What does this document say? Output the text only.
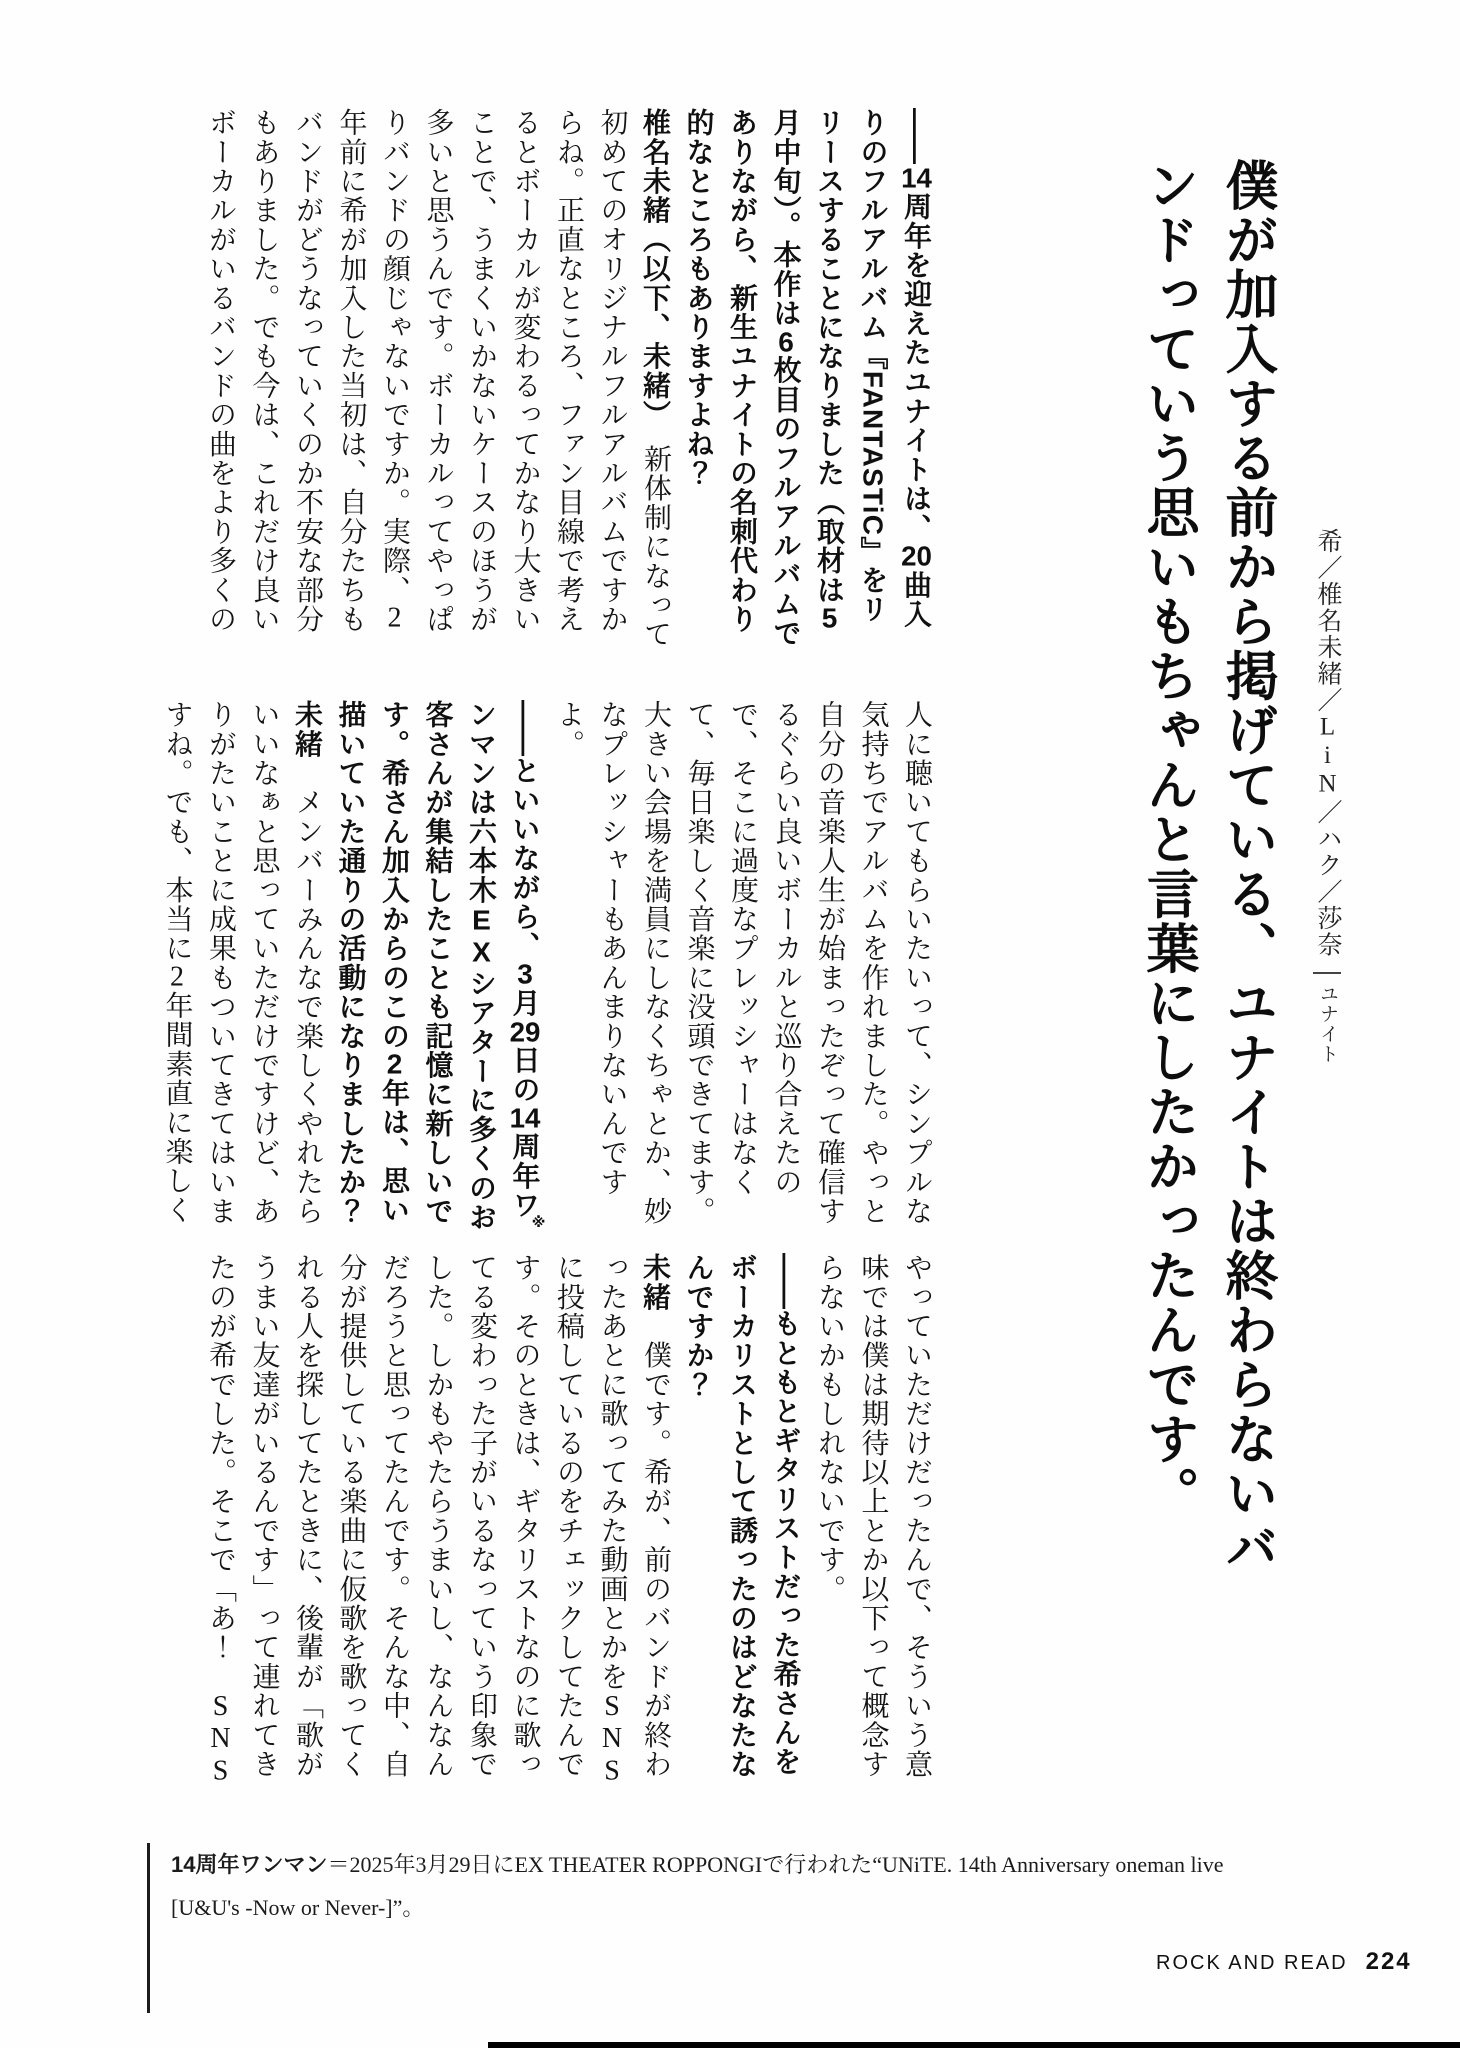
僕が加入する前から掲げている、ユナイトは終わらないバンドっていう思いもちゃんと言葉にしたかったんです。	希／椎名未緒／LiN／ハク／莎奈ユナイト
――14周年を迎えたユナイトは、20曲入りのフルアルバム『FANTASTiC』をリリースすることになりました（取材は5月中旬）。本作は6枚目のフルアルバムでありながら、新生ユナイトの名刺代わり的なところもありますよね？
椎名未緒（以下、未緒）　新体制になって初めてのオリジナルフルアルバムですからね。正直なところ、ファン目線で考えるとボーカルが変わるってかなり大きいことで、うまくいかないケースのほうが多いと思うんです。ボーカルってやっぱりバンドの顔じゃないですか。実際、2年前に希が加入した当初は、自分たちもバンドがどうなっていくのか不安な部分もありました。でも今は、これだけ良いボーカルがいるバンドの曲をより多くの
人に聴いてもらいたいって、シンプルな気持ちでアルバムを作れました。やっと自分の音楽人生が始まったぞって確信するぐらい良いボーカルと巡り合えたので、そこに過度なプレッシャーはなくて、毎日楽しく音楽に没頭できてます。大きい会場を満員にしなくちゃとか、妙なプレッシャーもあんまりないんですよ。
――といいながら、3月29日の14周年ワ※ンマンは六本木EXシアターに多くのお客さんが集結したことも記憶に新しいです。希さん加入からのこの2年は、思い描いていた通りの活動になりましたか？
未緒　メンバーみんなで楽しくやれたらいいなぁと思っていただけですけど、ありがたいことに成果もついてきてはいますね。でも、本当に2年間素直に楽しく
やっていただけだったんで、そういう意味では僕は期待以上とか以下って概念すらないかもしれないです。
――もともとギタリストだった希さんをボーカリストとして誘ったのはどなたなんですか？
未緒　僕です。希が、前のバンドが終わったあとに歌ってみた動画とかをSNSに投稿しているのをチェックしてたんです。そのときは、ギタリストなのに歌ってる変わった子がいるなっていう印象でした。しかもやたらうまいし、なんなんだろうと思ってたんです。そんな中、自分が提供している楽曲に仮歌を歌ってくれる人を探してたときに、後輩が「歌がうまい友達がいるんです」って連れてきたのが希でした。そこで「あ！　SNS

14周年ワンマン＝2025年3月29日にEX THEATER ROPPONGIで行われた“UNiTE. 14th Anniversary oneman live

[U&U's -Now or Never-]”。

ROCK AND READ 224
